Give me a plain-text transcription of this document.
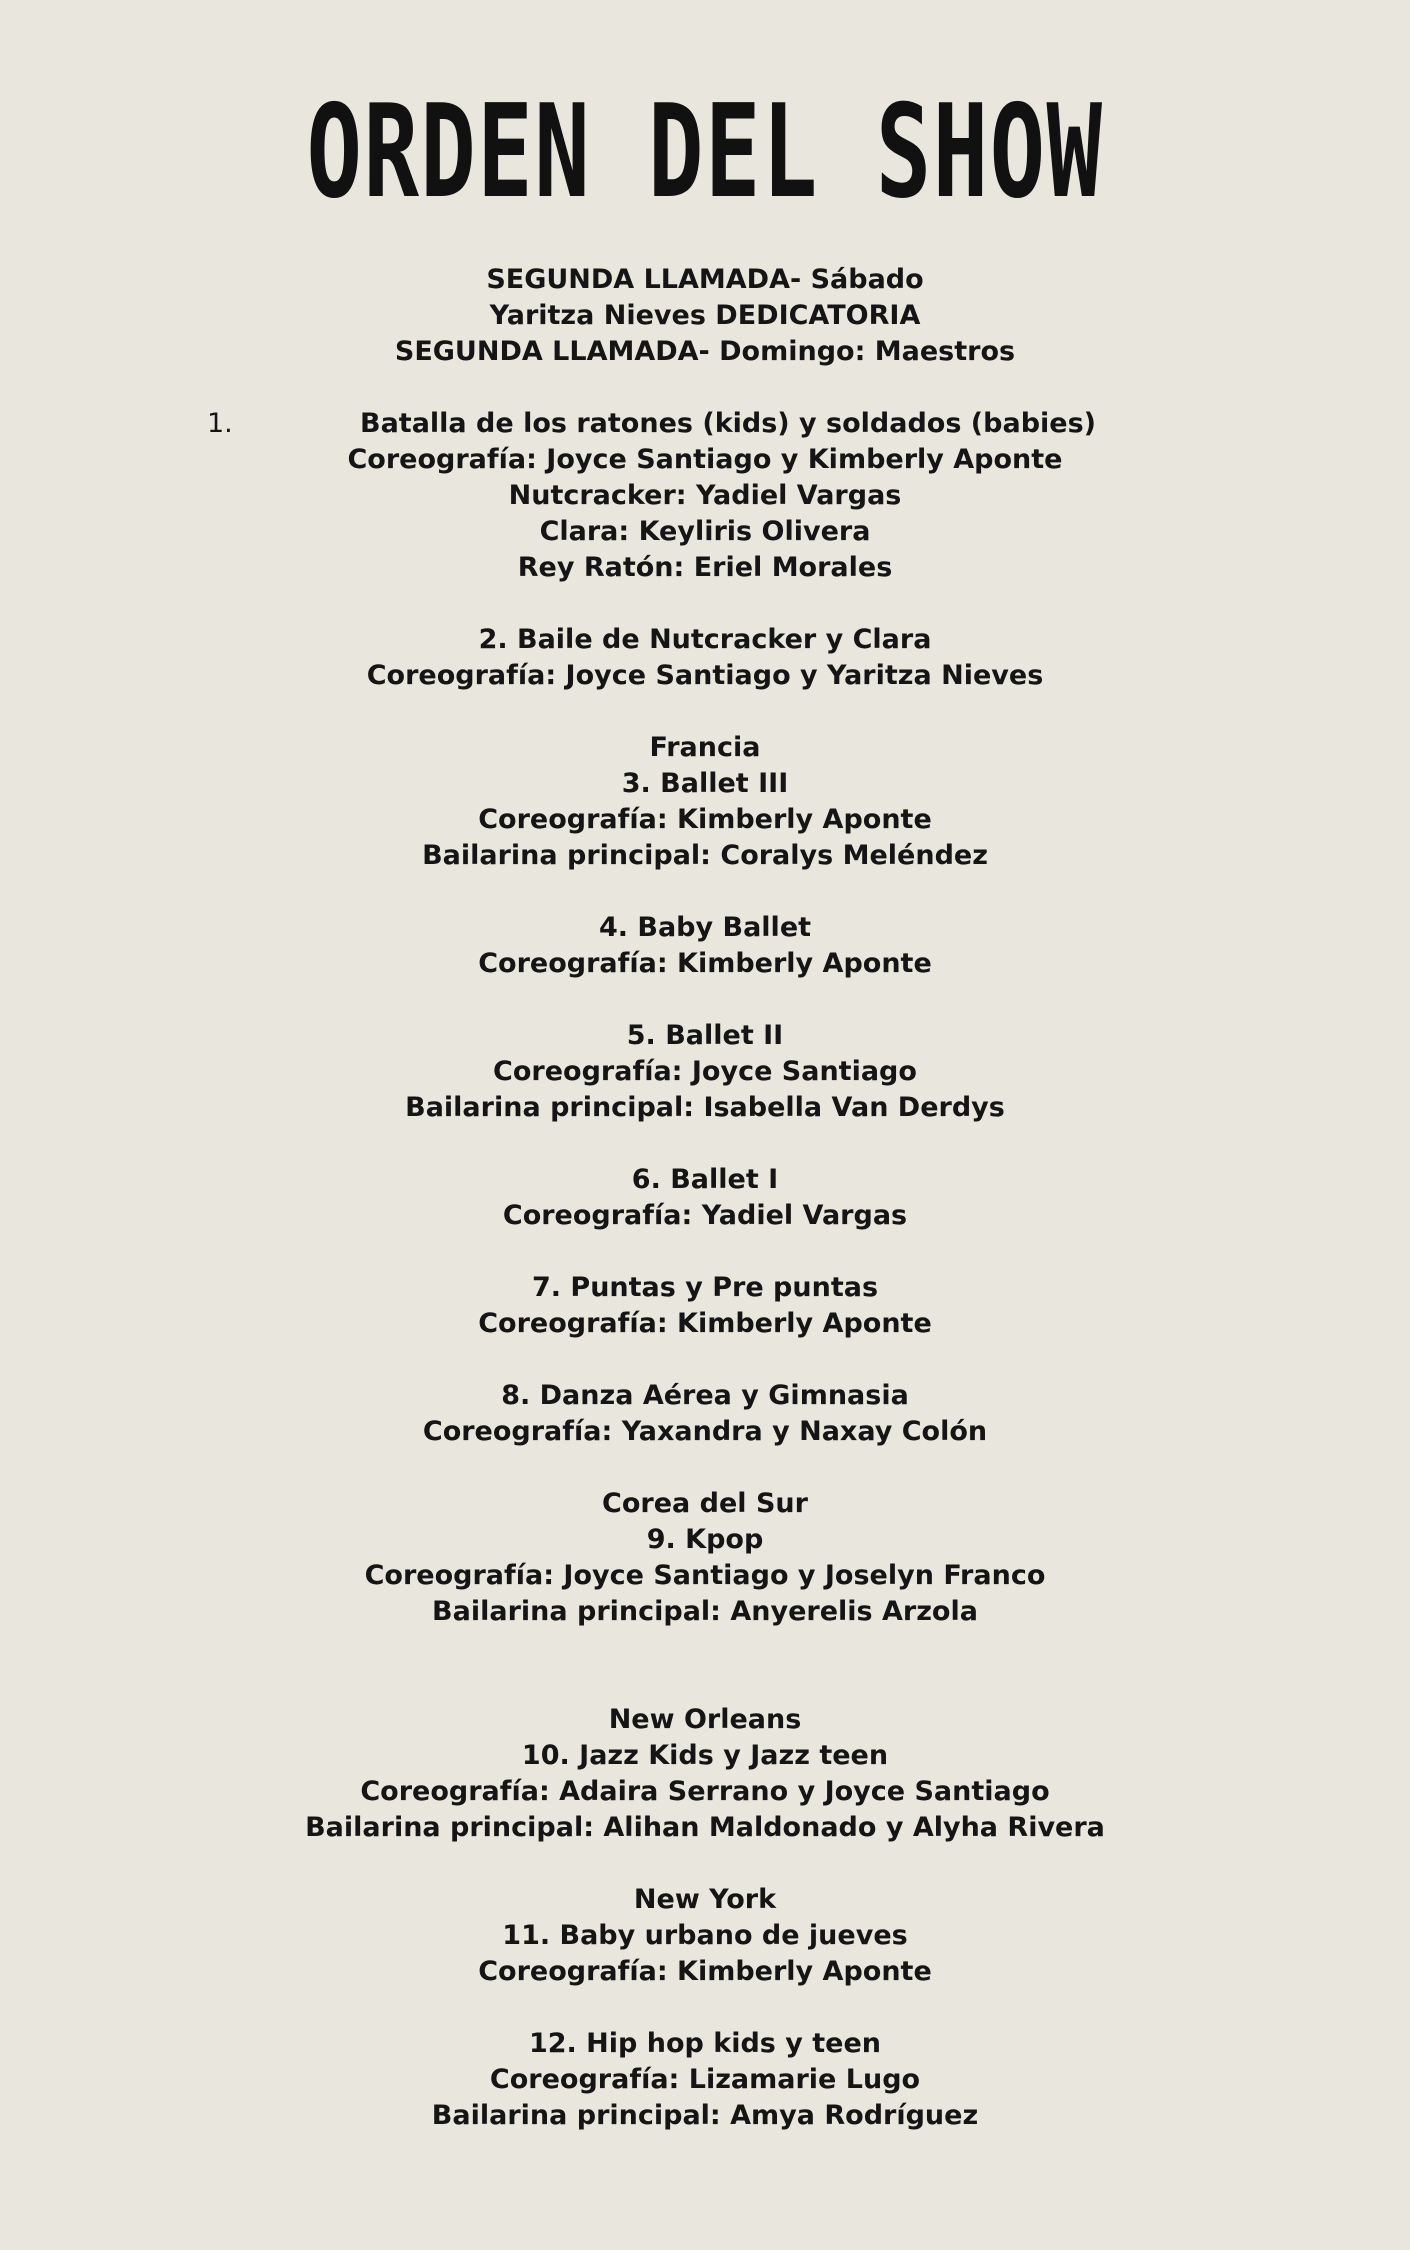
ORDEN DEL SHOW
SEGUNDA LLAMADA- Sábado
Yaritza Nieves DEDICATORIA
SEGUNDA LLAMADA- Domingo: Maestros
1.	Batalla de los ratones (kids) y soldados (babies)
Coreografía: Joyce Santiago y Kimberly Aponte
Nutcracker: Yadiel Vargas
Clara: Keyliris Olivera
Rey Ratón: Eriel Morales
2. Baile de Nutcracker y Clara
Coreografía: Joyce Santiago y Yaritza Nieves
Francia
3. Ballet III
Coreografía: Kimberly Aponte
Bailarina principal: Coralys Meléndez
4. Baby Ballet
Coreografía: Kimberly Aponte
5. Ballet II
Coreografía: Joyce Santiago
Bailarina principal: Isabella Van Derdys
6. Ballet I
Coreografía: Yadiel Vargas
7. Puntas y Pre puntas
Coreografía: Kimberly Aponte
8. Danza Aérea y Gimnasia
Coreografía: Yaxandra y Naxay Colón
Corea del Sur
9. Kpop
Coreografía: Joyce Santiago y Joselyn Franco
Bailarina principal: Anyerelis Arzola
New Orleans
10. Jazz Kids y Jazz teen
Coreografía: Adaira Serrano y Joyce Santiago
Bailarina principal: Alihan Maldonado y Alyha Rivera
New York
11. Baby urbano de jueves
Coreografía: Kimberly Aponte
12. Hip hop kids y teen
Coreografía: Lizamarie Lugo
Bailarina principal: Amya Rodríguez
